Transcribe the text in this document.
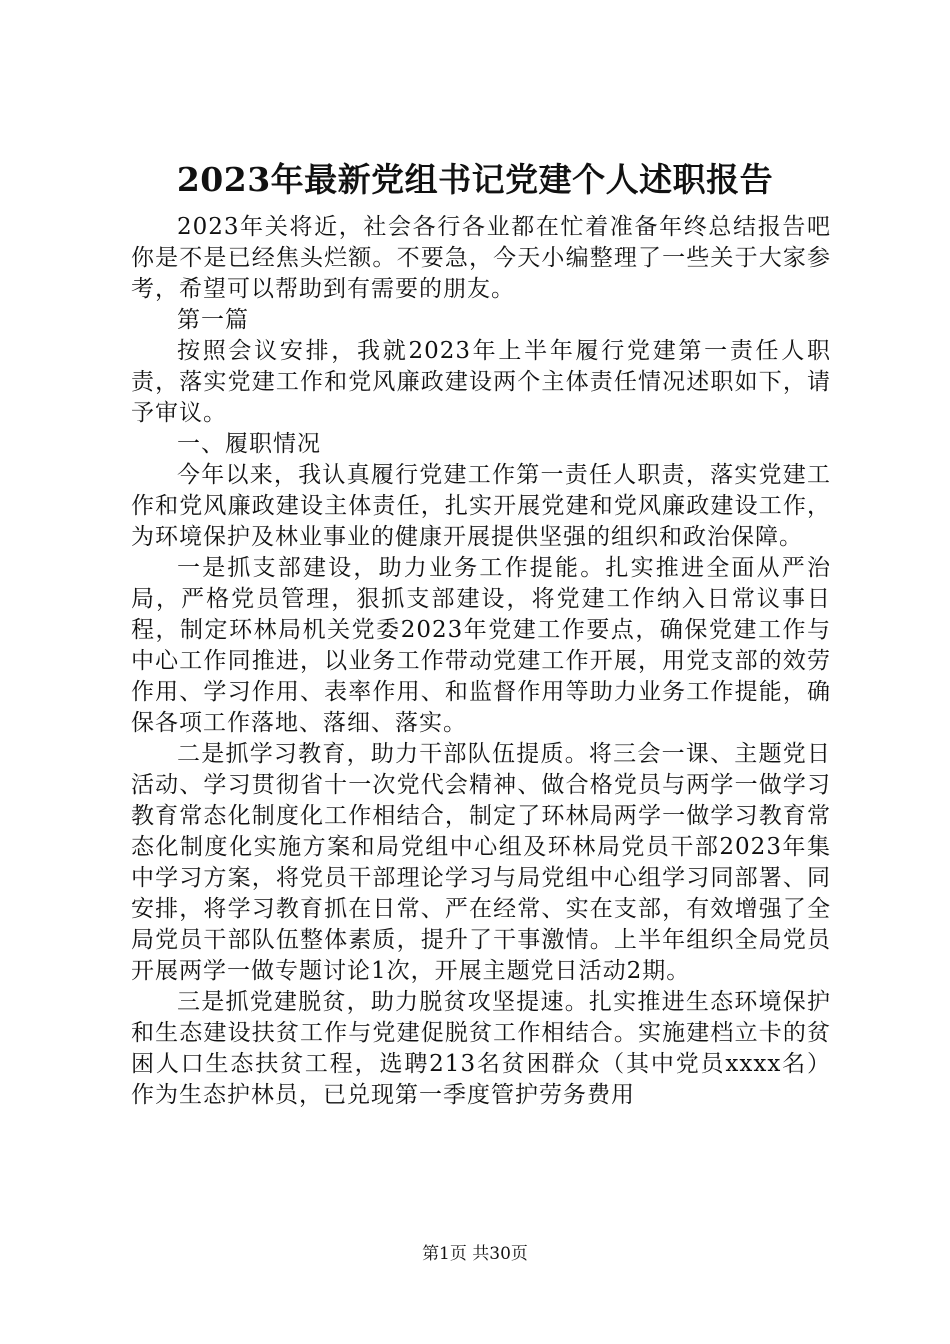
2023年最新党组书记党建个人述职报告

2023年关将近，社会各行各业都在忙着准备年终总结报告吧你是不是已经焦头烂额。不要急，今天小编整理了一些关于大家参考，希望可以帮助到有需要的朋友。

第一篇

按照会议安排，我就2023年上半年履行党建第一责任人职责，落实党建工作和党风廉政建设两个主体责任情况述职如下，请予审议。

一、履职情况

今年以来，我认真履行党建工作第一责任人职责，落实党建工作和党风廉政建设主体责任，扎实开展党建和党风廉政建设工作，为环境保护及林业事业的健康开展提供坚强的组织和政治保障。

一是抓支部建设，助力业务工作提能。扎实推进全面从严治局，严格党员管理，狠抓支部建设，将党建工作纳入日常议事日程，制定环林局机关党委2023年党建工作要点，确保党建工作与中心工作同推进，以业务工作带动党建工作开展，用党支部的效劳作用、学习作用、表率作用、和监督作用等助力业务工作提能，确保各项工作落地、落细、落实。

二是抓学习教育，助力干部队伍提质。将三会一课、主题党日活动、学习贯彻省十一次党代会精神、做合格党员与两学一做学习教育常态化制度化工作相结合，制定了环林局两学一做学习教育常态化制度化实施方案和局党组中心组及环林局党员干部2023年集中学习方案，将党员干部理论学习与局党组中心组学习同部署、同安排，将学习教育抓在日常、严在经常、实在支部，有效增强了全局党员干部队伍整体素质，提升了干事激情。上半年组织全局党员开展两学一做专题讨论1次，开展主题党日活动2期。

三是抓党建脱贫，助力脱贫攻坚提速。扎实推进生态环境保护和生态建设扶贫工作与党建促脱贫工作相结合。实施建档立卡的贫困人口生态扶贫工程，选聘213名贫困群众（其中党员xxxx名）作为生态护林员，已兑现第一季度管护劳务费用

第1页 共30页
